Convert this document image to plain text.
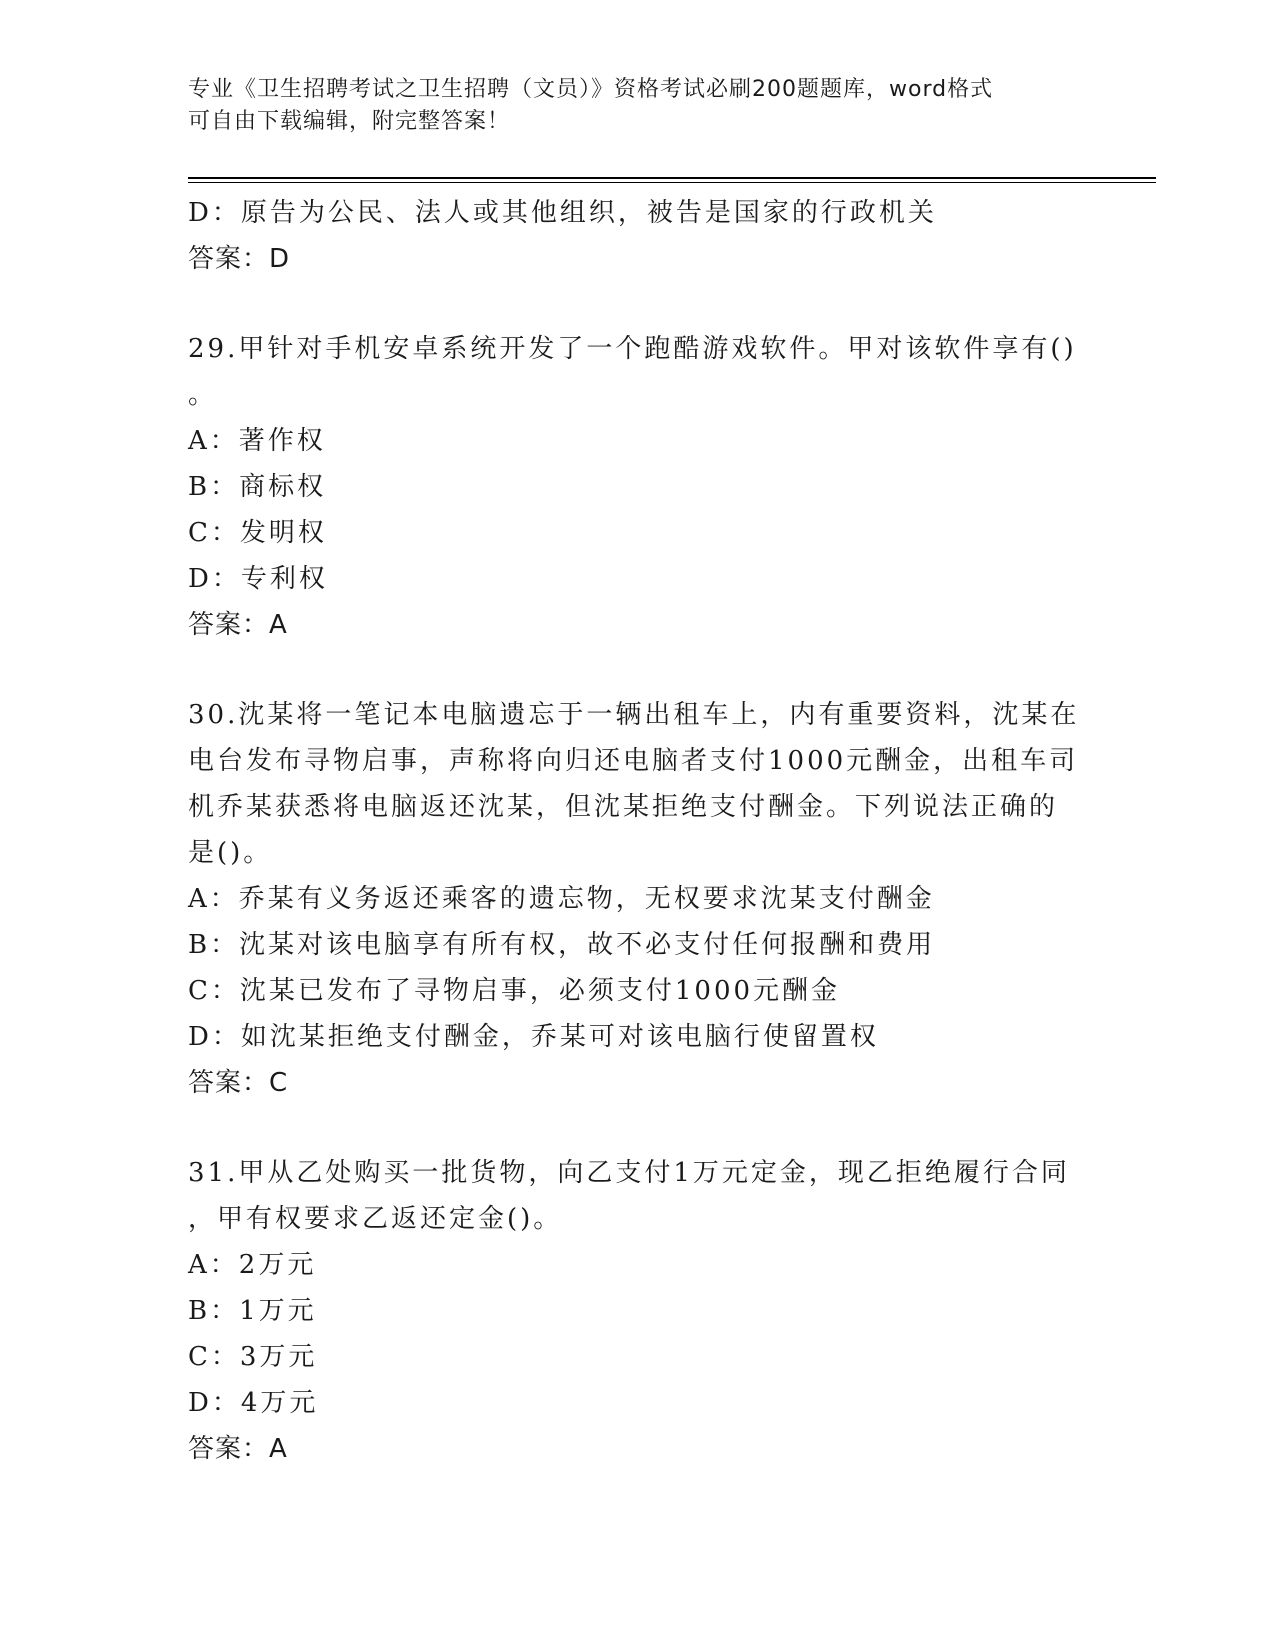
专业《卫生招聘考试之卫生招聘（文员）》资格考试必刷200题题库，word格式
可自由下载编辑，附完整答案！
D：原告为公民、法人或其他组织，被告是国家的行政机关
答案：D
29.甲针对手机安卓系统开发了一个跑酷游戏软件。甲对该软件享有()
。
A：著作权
B：商标权
C：发明权
D：专利权
答案：A
30.沈某将一笔记本电脑遗忘于一辆出租车上，内有重要资料，沈某在
电台发布寻物启事，声称将向归还电脑者支付1000元酬金，出租车司
机乔某获悉将电脑返还沈某，但沈某拒绝支付酬金。下列说法正确的
是()。
A：乔某有义务返还乘客的遗忘物，无权要求沈某支付酬金
B：沈某对该电脑享有所有权，故不必支付任何报酬和费用
C：沈某已发布了寻物启事，必须支付1000元酬金
D：如沈某拒绝支付酬金，乔某可对该电脑行使留置权
答案：C
31.甲从乙处购买一批货物，向乙支付1万元定金，现乙拒绝履行合同
，甲有权要求乙返还定金()。
A：2万元
B：1万元
C：3万元
D：4万元
答案：A
